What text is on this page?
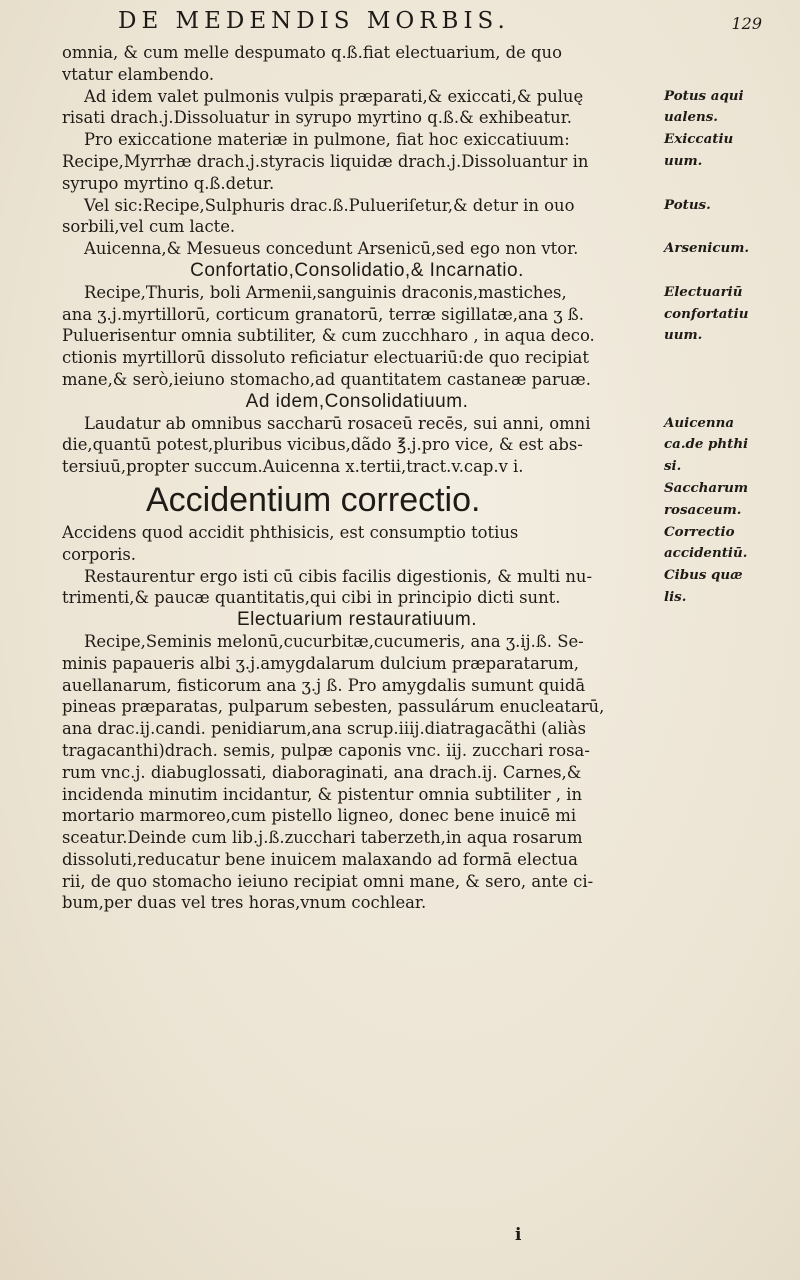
DE MEDENDIS MORBIS.	129
omnia, & cum melle despumato q.ß.fiat electuarium, de quo
vtatur elambendo.
Ad idem valet pulmonis vulpis præparati,& exiccati,& puluę
risati drach.j.Dissoluatur in syrupo myrtino q.ß.& exhibeatur.
Pro exiccatione materiæ in pulmone, fiat hoc exiccatiuum:
Recipe,Myrrhæ drach.j.styracis liquidæ drach.j.Dissoluantur in
syrupo myrtino q.ß.detur.
Vel sic:Recipe,Sulphuris drac.ß.Pulueriſetur,& detur in ouo
sorbili,vel cum lacte.
Auicenna,& Mesueus concedunt Arsenicū,sed ego non vtor.
Confortatio,Consolidatio,& Incarnatio.
Recipe,Thuris, boli Armenii,sanguinis draconis,mastiches,
ana ʒ.j.myrtillorū, corticum granatorū, terræ sigillatæ,ana ʒ ß.
Puluerisentur omnia subtiliter, & cum zucchharo , in aqua deco.
ctionis myrtillorū dissoluto reficiatur electuariū:de quo recipiat
mane,& serò,ieiuno stomacho,ad quantitatem castaneæ paruæ.
Ad idem,Consolidatiuum.
Laudatur ab omnibus saccharū rosaceū recēs, sui anni, omni
die,quantū potest,pluribus vicibus,dãdo ℥.j.pro vice, & est abs-
tersiuū,propter succum.Auicenna x.tertii,tract.v.cap.v i.
Accidentium correctio.
Accidens quod accidit phthisicis, est consumptio totius
corporis.
Restaurentur ergo isti cū cibis facilis digestionis, & multi nu-
trimenti,& paucæ quantitatis,qui cibi in principio dicti sunt.
Electuarium restauratiuum.
Recipe,Seminis melonū,cucurbitæ,cucumeris, ana ʒ.ij.ß. Se-
minis papaueris albi ʒ.j.amygdalarum dulcium præparatarum,
auellanarum, fisticorum ana ʒ.j ß. Pro amygdalis sumunt quidā
pineas præparatas, pulparum sebesten, passulárum enucleatarū,
ana drac.ij.candi. penidiarum,ana scrup.iiij.diatragacãthi (aliàs
tragacanthi)drach. semis, pulpæ caponis vnc. iij. zucchari rosa-
rum vnc.j. diabuglossati, diaboraginati, ana drach.ij. Carnes,&
incidenda minutim incidantur, & pistentur omnia subtiliter , in
mortario marmoreo,cum pistello ligneo, donec bene inuicē mi
sceatur.Deinde cum lib.j.ß.zucchari taberzeth,in aqua rosarum
dissoluti,reducatur bene inuicem malaxando ad formā electua
rii, de quo stomacho ieiuno recipiat omni mane, & sero, ante ci-
bum,per duas vel tres horas,vnum cochlear.
Potus aqui
ualens.
Exiccatiu
uum.
Potus.
Arsenicum.
Electuariū
confortatiu
uum.
Auicenna
ca.de phthi
si.
Saccharum
rosaceum.
Correctio
accidentiū.
Cibus quæ
lis.
i
